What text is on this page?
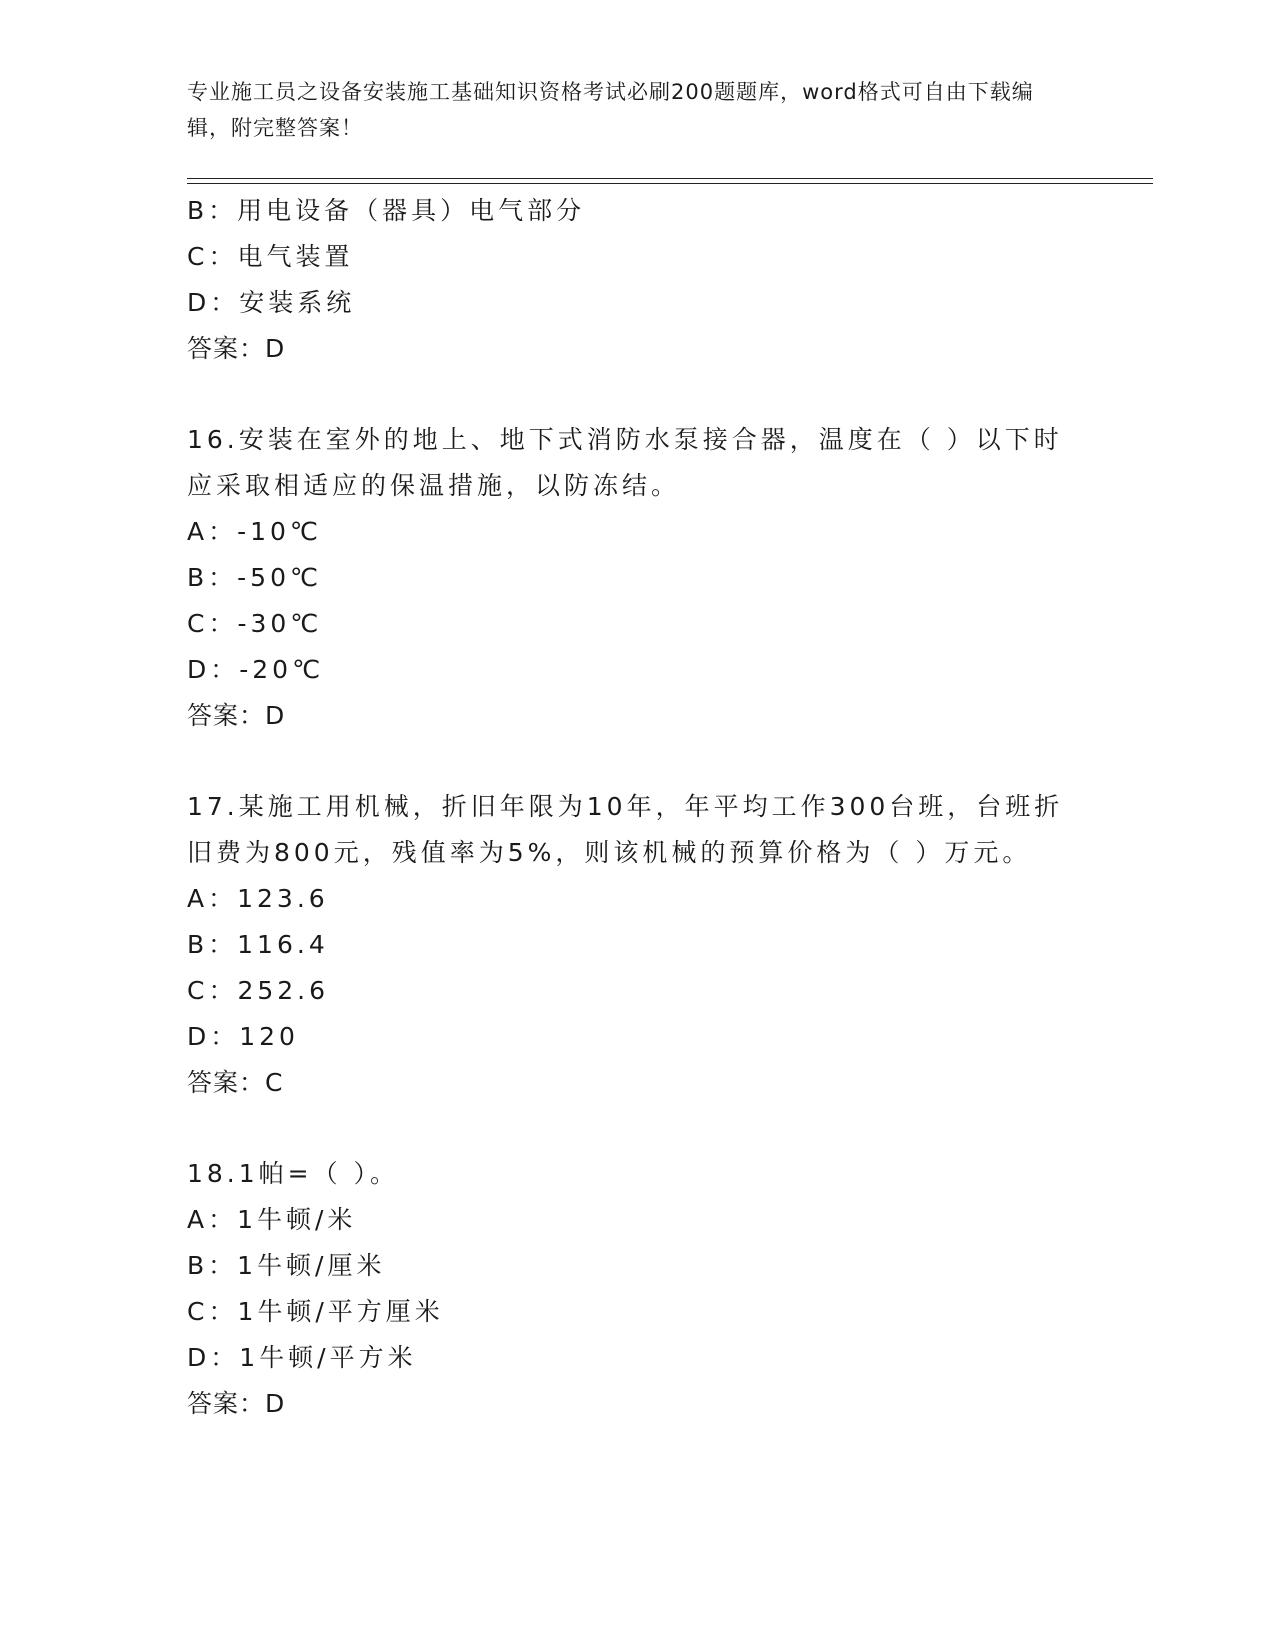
专业施工员之设备安装施工基础知识资格考试必刷200题题库，word格式可自由下载编辑，附完整答案！
B：用电设备（器具）电气部分
C：电气装置
D：安装系统
答案：D
16.安装在室外的地上、地下式消防水泵接合器，温度在（ ）以下时
应采取相适应的保温措施，以防冻结。
A：-10℃
B：-50℃
C：-30℃
D：-20℃
答案：D
17.某施工用机械，折旧年限为10年，年平均工作300台班，台班折
旧费为800元，残值率为5%，则该机械的预算价格为（ ）万元。
A：123.6
B：116.4
C：252.6
D：120
答案：C
18.1帕=（ ）。
A：1牛顿/米
B：1牛顿/厘米
C：1牛顿/平方厘米
D：1牛顿/平方米
答案：D
